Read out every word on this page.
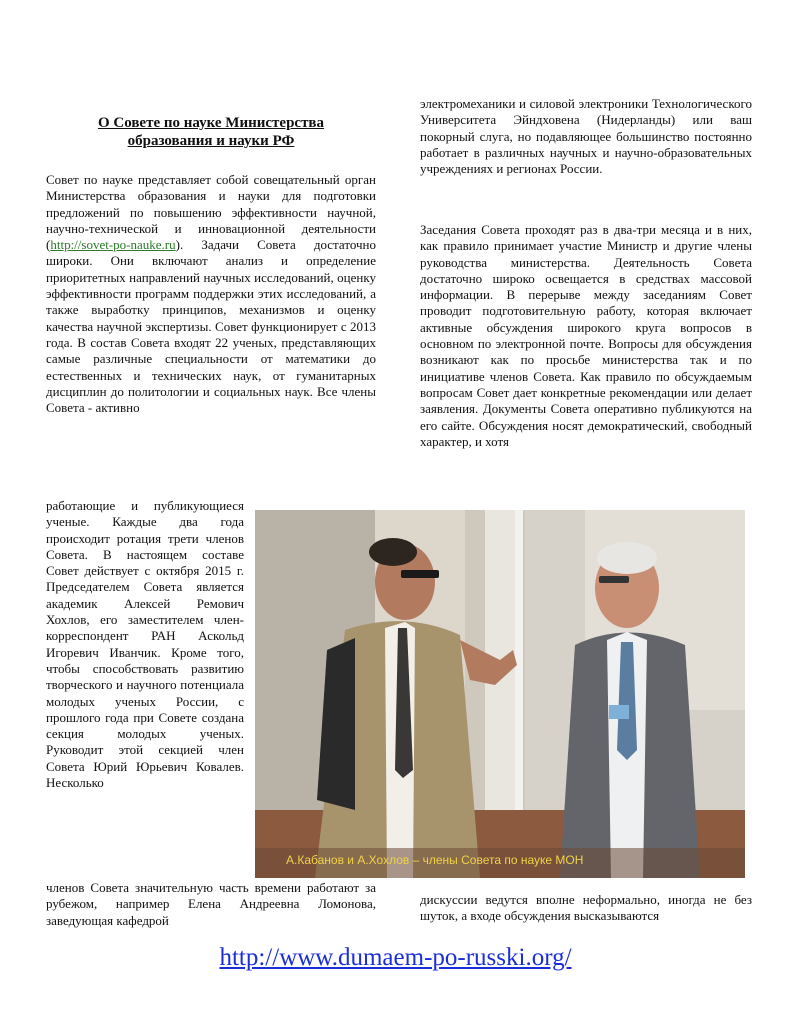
О Совете по науке Министерства
образования и науки РФ

Совет по науке представляет собой совещательный орган Министерства образования и науки для подготовки предложений по повышению эффективности научной, научно-технической и инновационной деятельности (http://sovet-po-nauke.ru). Задачи Совета достаточно широки. Они включают анализ и определение приоритетных направлений научных исследований, оценку эффективности программ поддержки этих исследований, а также выработку принципов, механизмов и оценку качества научной экспертизы. Совет функционирует с 2013 года. В состав Совета входят 22 ученых, представляющих самые различные специальности от математики до естественных и технических наук, от гуманитарных дисциплин до политологии и социальных наук. Все члены Совета - активно

работающие и публикующиеся ученые. Каждые два года происходит ротация трети членов Совета. В настоящем составе Совет действует с октября 2015 г. Председателем Совета является академик Алексей Ремович Хохлов, его заместителем член-корреспондент РАН Аскольд Игоревич Иванчик. Кроме того, чтобы способствовать развитию творческого и научного потенциала молодых ученых России, с прошлого года при Совете создана секция молодых ученых. Руководит этой секцией член Совета Юрий Юрьевич Ковалев. Несколько

членов Совета значительную часть времени работают за рубежом, например Елена Андреевна Ломонова, заведующая кафедрой

электромеханики и силовой электроники Технологического Университета Эйндховена (Нидерланды) или ваш покорный слуга, но подавляющее большинство постоянно работает в различных научных и научно-образовательных учреждениях и регионах России.

Заседания Совета проходят раз в два-три месяца и в них, как правило принимает участие Министр и другие члены руководства министерства. Деятельность Совета достаточно широко освещается в средствах массовой информации. В перерыве между заседаниям Совет проводит подготовительную работу, которая включает активные обсуждения широкого круга вопросов в основном по электронной почте. Вопросы для обсуждения возникают как по просьбе министерства так и по инициативе членов Совета. Как правило по обсуждаемым вопросам Совет дает конкретные рекомендации или делает заявления. Документы Совета оперативно публикуются на его сайте. Обсуждения носят демократический, свободный характер, и хотя

дискуссии ведутся вполне неформально, иногда не без шуток, а входе обсуждения высказываются

А.Кабанов и А.Хохлов – члены Совета по науке МОН
http://www.dumaem-po-russki.org/
